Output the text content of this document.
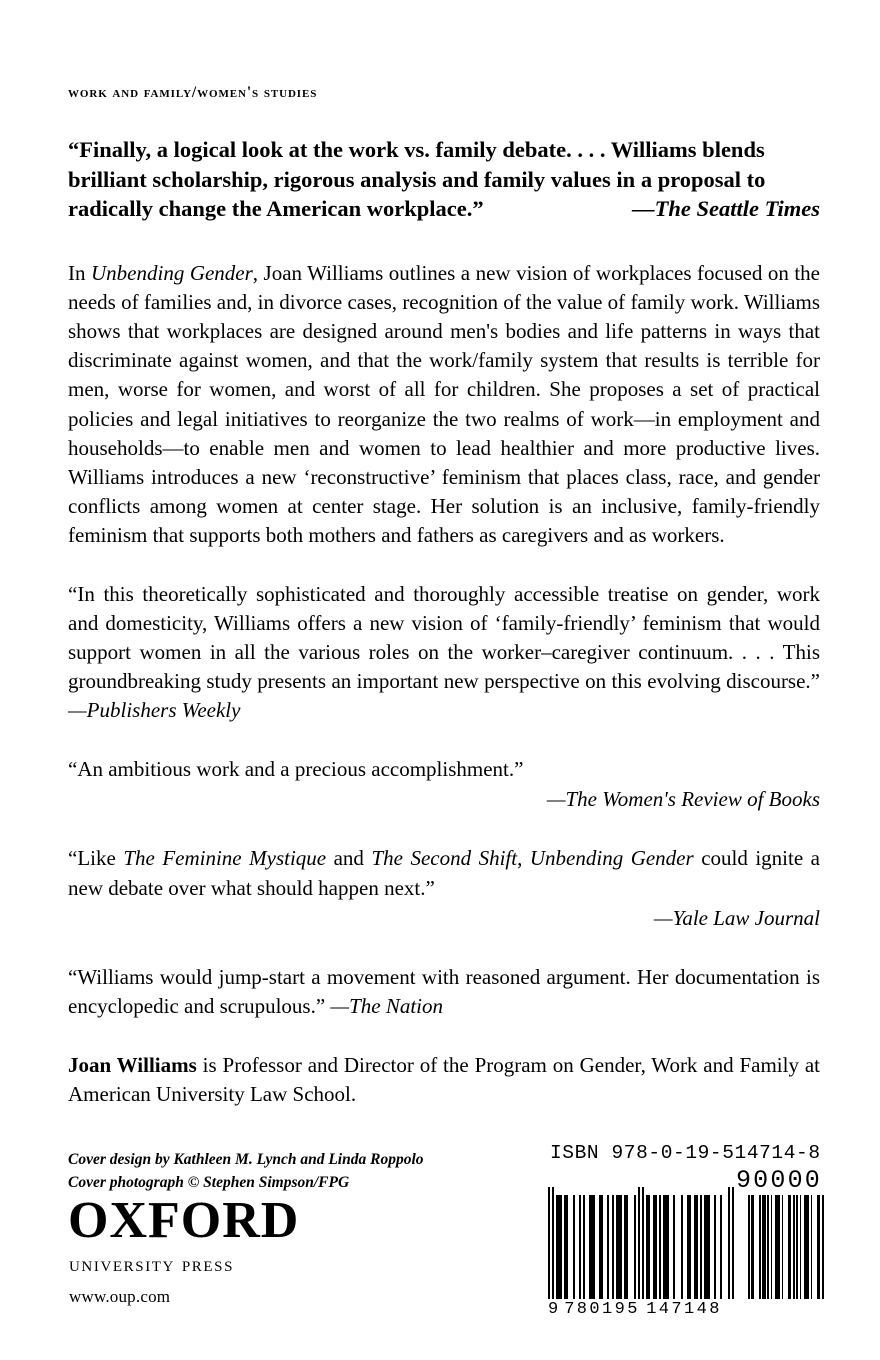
work and family/women's studies
“Finally, a logical look at the work vs. family debate. . . . Williams blends
brilliant scholarship, rigorous analysis and family values in a proposal to
radically change the American workplace.”	—The Seattle Times

In Unbending Gender, Joan Williams outlines a new vision of workplaces focused on the needs of families and, in divorce cases, recognition of the value of family work. Williams shows that workplaces are designed around men's bodies and life patterns in ways that discriminate against women, and that the work/family system that results is terrible for men, worse for women, and worst of all for children. She proposes a set of practical policies and legal initiatives to reorganize the two realms of work—in employment and households—to enable men and women to lead healthier and more productive lives. Williams introduces a new ‘reconstructive’ feminism that places class, race, and gender conflicts among women at center stage. Her solution is an inclusive, family-friendly feminism that supports both mothers and fathers as caregivers and as workers.

“In this theoretically sophisticated and thoroughly accessible treatise on gender, work and domesticity, Williams offers a new vision of ‘family-friendly’ feminism that would support women in all the various roles on the worker–caregiver continuum. . . . This groundbreaking study presents an important new perspective on this evolving discourse.” —Publishers Weekly

“An ambitious work and a precious accomplishment.”

—The Women's Review of Books

“Like The Feminine Mystique and The Second Shift, Unbending Gender could ignite a new debate over what should happen next.”

—Yale Law Journal

“Williams would jump-start a movement with reasoned argument. Her documentation is encyclopedic and scrupulous.” —The Nation

Joan Williams is Professor and Director of the Program on Gender, Work and Family at American University Law School.

Cover design by Kathleen M. Lynch and Linda Roppolo
Cover photograph © Stephen Simpson/FPG
OXFORD
university press
www.oup.com
ISBN 978-0-19-514714-8
90000
9 780195 147148
